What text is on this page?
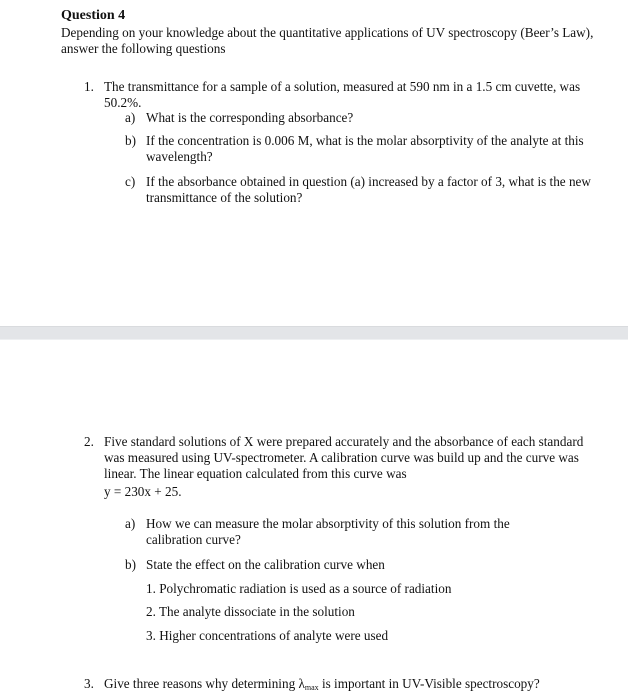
Question 4
Depending on your knowledge about the quantitative applications of UV spectroscopy (Beer’s Law), answer the following questions
1. The transmittance for a sample of a solution, measured at 590 nm in a 1.5 cm cuvette, was 50.2%.
a) What is the corresponding absorbance?
b) If the concentration is 0.006 M, what is the molar absorptivity of the analyte at this wavelength?
c) If the absorbance obtained in question (a) increased by a factor of 3, what is the new transmittance of the solution?
2. Five standard solutions of X were prepared accurately and the absorbance of each standard was measured using UV-spectrometer. A calibration curve was build up and the curve was linear. The linear equation calculated from this curve was
y = 230x + 25.
a) How we can measure the molar absorptivity of this solution from the calibration curve?
b) State the effect on the calibration curve when
1. Polychromatic radiation is used as a source of radiation
2. The analyte dissociate in the solution
3. Higher concentrations of analyte were used
3. Give three reasons why determining λmax is important in UV-Visible spectroscopy?
